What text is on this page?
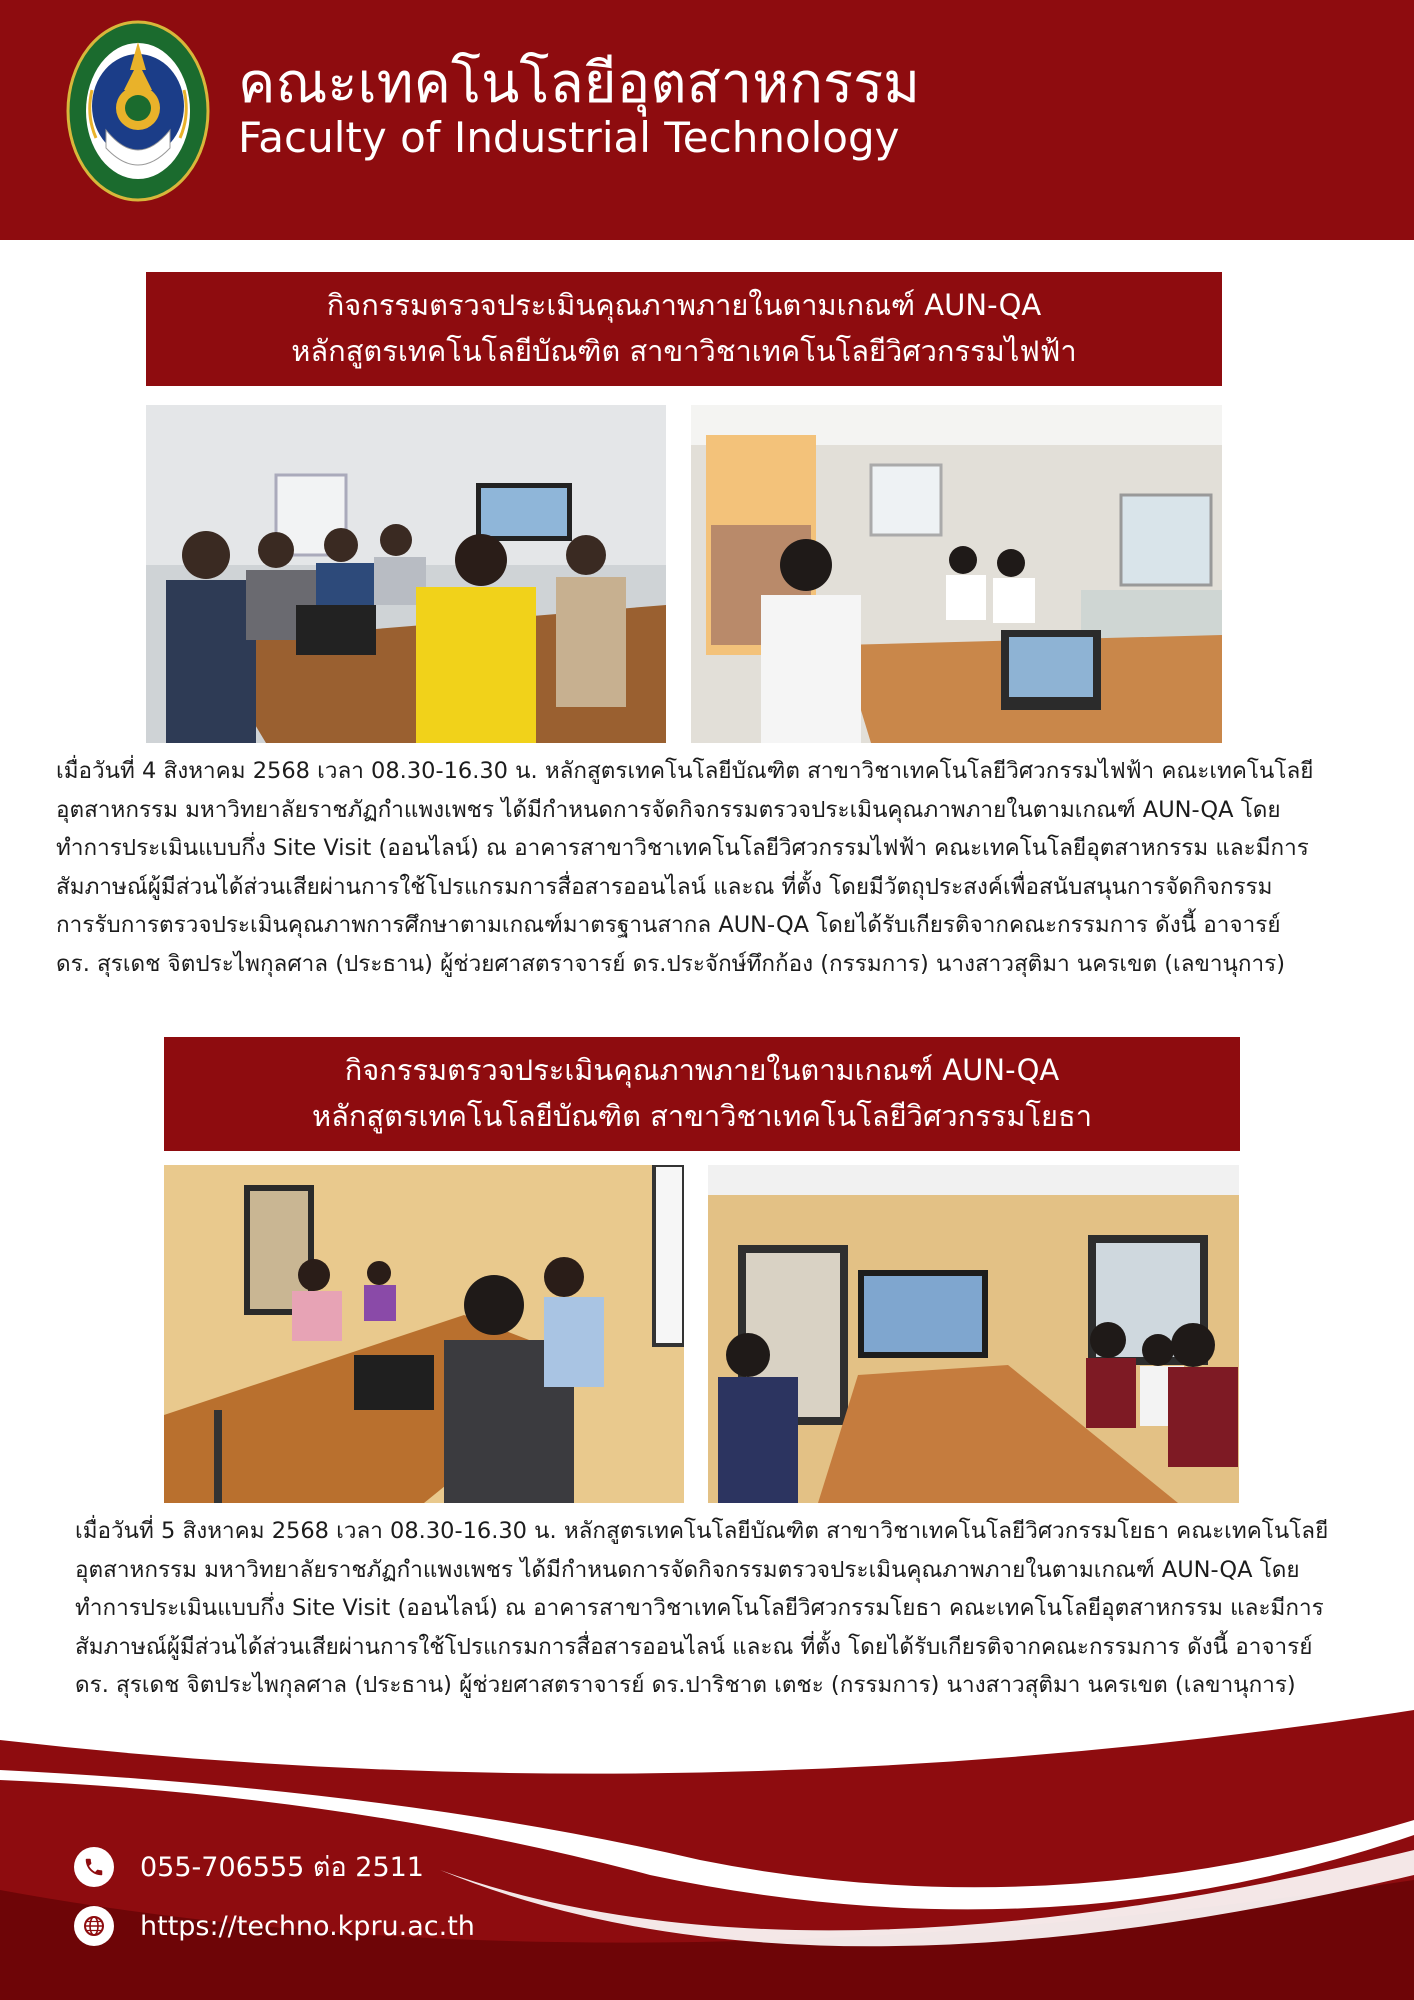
คณะเทคโนโลยีอุตสาหกรรม
Faculty of Industrial Technology
กิจกรรมตรวจประเมินคุณภาพภายในตามเกณฑ์ AUN-QA
หลักสูตรเทคโนโลยีบัณฑิต สาขาวิชาเทคโนโลยีวิศวกรรมไฟฟ้า
เมื่อวันที่ 4 สิงหาคม 2568 เวลา 08.30-16.30 น. หลักสูตรเทคโนโลยีบัณฑิต สาขาวิชาเทคโนโลยีวิศวกรรมไฟฟ้า คณะเทคโนโลยี
อุตสาหกรรม มหาวิทยาลัยราชภัฏกำแพงเพชร ได้มีกำหนดการจัดกิจกรรมตรวจประเมินคุณภาพภายในตามเกณฑ์ AUN-QA โดย
ทำการประเมินแบบกึ่ง Site Visit (ออนไลน์) ณ อาคารสาขาวิชาเทคโนโลยีวิศวกรรมไฟฟ้า คณะเทคโนโลยีอุตสาหกรรม และมีการ
สัมภาษณ์ผู้มีส่วนได้ส่วนเสียผ่านการใช้โปรแกรมการสื่อสารออนไลน์ และณ ที่ตั้ง โดยมีวัตถุประสงค์เพื่อสนับสนุนการจัดกิจกรรม
การรับการตรวจประเมินคุณภาพการศึกษาตามเกณฑ์มาตรฐานสากล AUN-QA โดยได้รับเกียรติจากคณะกรรมการ ดังนี้ อาจารย์
ดร. สุรเดช จิตประไพกุลศาล (ประธาน) ผู้ช่วยศาสตราจารย์ ดร.ประจักษ์ทึกก้อง (กรรมการ) นางสาวสุติมา นครเขต (เลขานุการ)
กิจกรรมตรวจประเมินคุณภาพภายในตามเกณฑ์ AUN-QA
หลักสูตรเทคโนโลยีบัณฑิต สาขาวิชาเทคโนโลยีวิศวกรรมโยธา
เมื่อวันที่ 5 สิงหาคม 2568 เวลา 08.30-16.30 น. หลักสูตรเทคโนโลยีบัณฑิต สาขาวิชาเทคโนโลยีวิศวกรรมโยธา คณะเทคโนโลยี
อุตสาหกรรม มหาวิทยาลัยราชภัฏกำแพงเพชร ได้มีกำหนดการจัดกิจกรรมตรวจประเมินคุณภาพภายในตามเกณฑ์ AUN-QA โดย
ทำการประเมินแบบกึ่ง Site Visit (ออนไลน์) ณ อาคารสาขาวิชาเทคโนโลยีวิศวกรรมโยธา คณะเทคโนโลยีอุตสาหกรรม และมีการ
สัมภาษณ์ผู้มีส่วนได้ส่วนเสียผ่านการใช้โปรแกรมการสื่อสารออนไลน์ และณ ที่ตั้ง โดยได้รับเกียรติจากคณะกรรมการ ดังนี้ อาจารย์
ดร. สุรเดช จิตประไพกุลศาล (ประธาน) ผู้ช่วยศาสตราจารย์ ดร.ปาริชาต เตชะ (กรรมการ) นางสาวสุติมา นครเขต (เลขานุการ)
055-706555 ต่อ 2511
https://techno.kpru.ac.th
